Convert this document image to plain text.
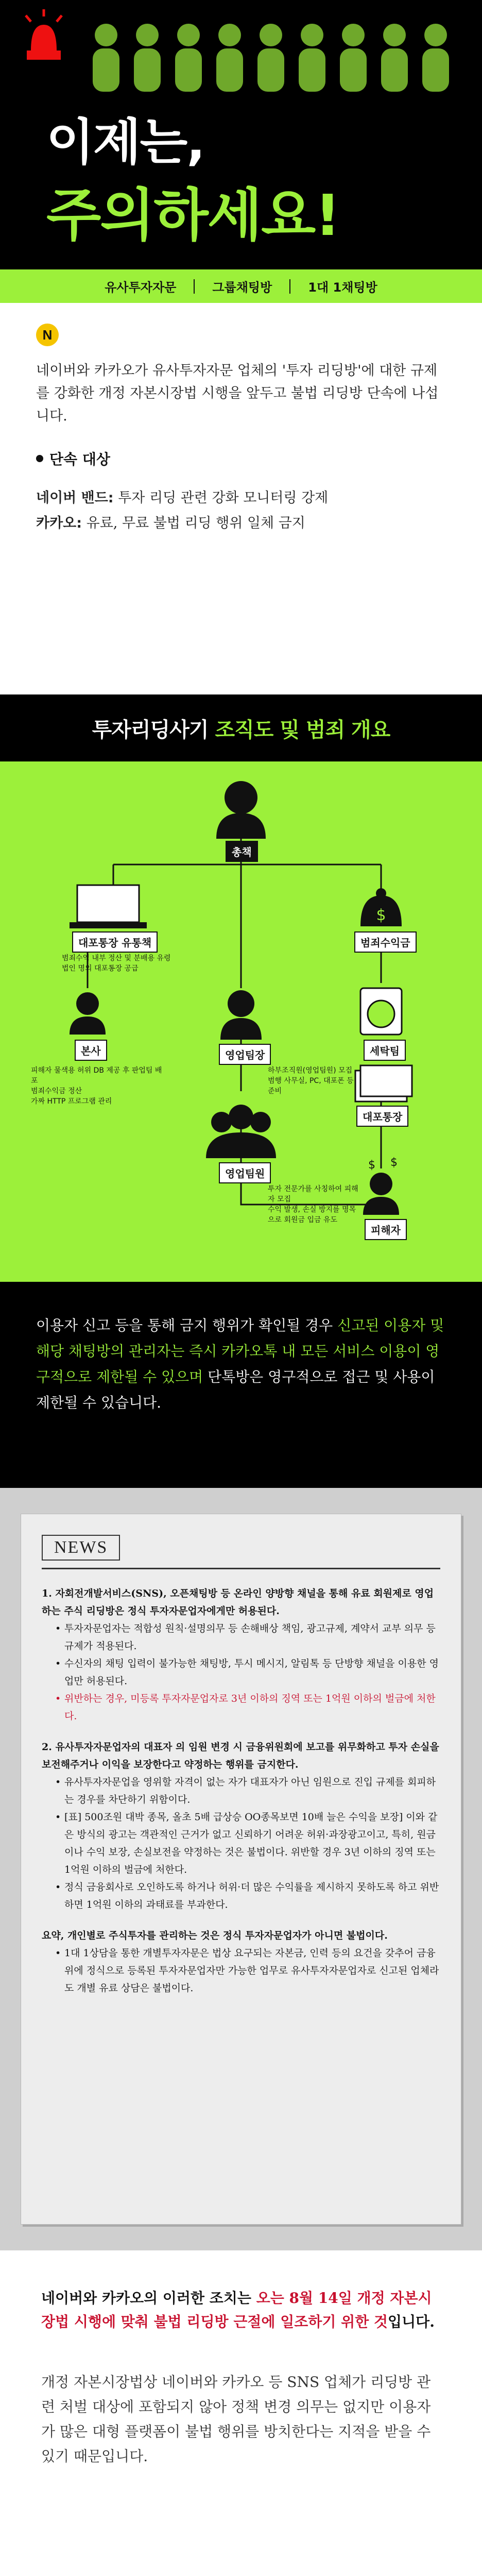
이제는,
주의하세요!
유사투자자문	그룹채팅방	1대 1채팅방
N

네이버와 카카오가 유사투자자문 업체의 '투자 리딩방'에 대한 규제를 강화한 개정 자본시장법 시행을 앞두고 불법 리딩방 단속에 나섭니다.

단속 대상

네이버 밴드: 투자 리딩 관련 강화 모니터링 강제

카카오: 유료, 무료 불법 리딩 행위 일체 금지

투자리딩사기 조직도 및 범죄 개요
$
$ $
총책
대포통장 유통책	범죄수익금
본사	영업팀장	세탁팀
대포통장
영업팀원
피해자
범죄수익 내부 정산 및 분배용 유령법인 명의 대포통장 공급
피해자 물색용 허위 DB 제공 후 판업팀 배포
범죄수익금 정산
가짜 HTTP 프로그램 관리
하부조직원(영업팀원) 모집
범행 사무실, PC, 대포폰 등 준비
투자 전문가를 사칭하여 피해자 모집
수익 발생, 손실 방지를 명목으로 회원금 입금 유도

이용자 신고 등을 통해 금지 행위가 확인될 경우 신고된 이용자 및 해당 채팅방의 관리자는 즉시 카카오톡 내 모든 서비스 이용이 영구적으로 제한될 수 있으며 단톡방은 영구적으로 접근 및 사용이 제한될 수 있습니다.

NEWS
1. 자회전개발서비스(SNS), 오픈채팅방 등 온라인 양방향 채널을 통해 유료 회원제로 영업하는 주식 리딩방은 정식 투자자문업자에게만 허용된다.
• 투자자문업자는 적합성 원칙·설명의무 등 손해배상 책임, 광고규제, 계약서 교부 의무 등 규제가 적용된다.
• 수신자의 채팅 입력이 불가능한 채팅방, 투시 메시지, 알림톡 등 단방향 채널을 이용한 영업만 허용된다.
• 위반하는 경우, 미등록 투자자문업자로 3년 이하의 징역 또는 1억원 이하의 벌금에 처한다.
2. 유사투자자문업자의 대표자 의 임원 변경 시 금융위원회에 보고를 위무화하고 투자 손실을 보전해주거나 이익을 보장한다고 약정하는 행위를 금지한다.
• 유사투자자문업을 영위할 자격이 없는 자가 대표자가 아닌 임원으로 진입 규제를 회피하는 경우를 차단하기 위함이다.
• [표] 500조원 대박 종목, 올초 5배 급상승 OO종목보면 10배 늘은 수익을 보장] 이와 같은 방식의 광고는 객관적인 근거가 없고 신뢰하기 어려운 허위·과장광고이고, 특히, 원금이나 수익 보장, 손실보전을 약정하는 것은 불법이다. 위반할 경우 3년 이하의 징역 또는 1억원 이하의 벌금에 처한다.
• 정식 금융회사로 오인하도록 하거나 허위·더 많은 수익률을 제시하지 못하도록 하고 위반하면 1억원 이하의 과태료를 부과한다.
요약, 개인별로 주식투자를 관리하는 것은 정식 투자자문업자가 아니면 불법이다.
• 1대 1상담을 통한 개별투자자문은 법상 요구되는 자본금, 인력 등의 요건을 갖추어 금융위에 정식으로 등록된 투자자문업자만 가능한 업무로 유사투자자문업자로 신고된 업체라도 개별 유료 상담은 불법이다.

네이버와 카카오의 이러한 조치는 오는 8월 14일 개정 자본시장법 시행에 맞춰 불법 리딩방 근절에 일조하기 위한 것입니다.

개정 자본시장법상 네이버와 카카오 등 SNS 업체가 리딩방 관련 처벌 대상에 포함되지 않아 정책 변경 의무는 없지만 이용자가 많은 대형 플랫폼이 불법 행위를 방치한다는 지적을 받을 수 있기 때문입니다.
